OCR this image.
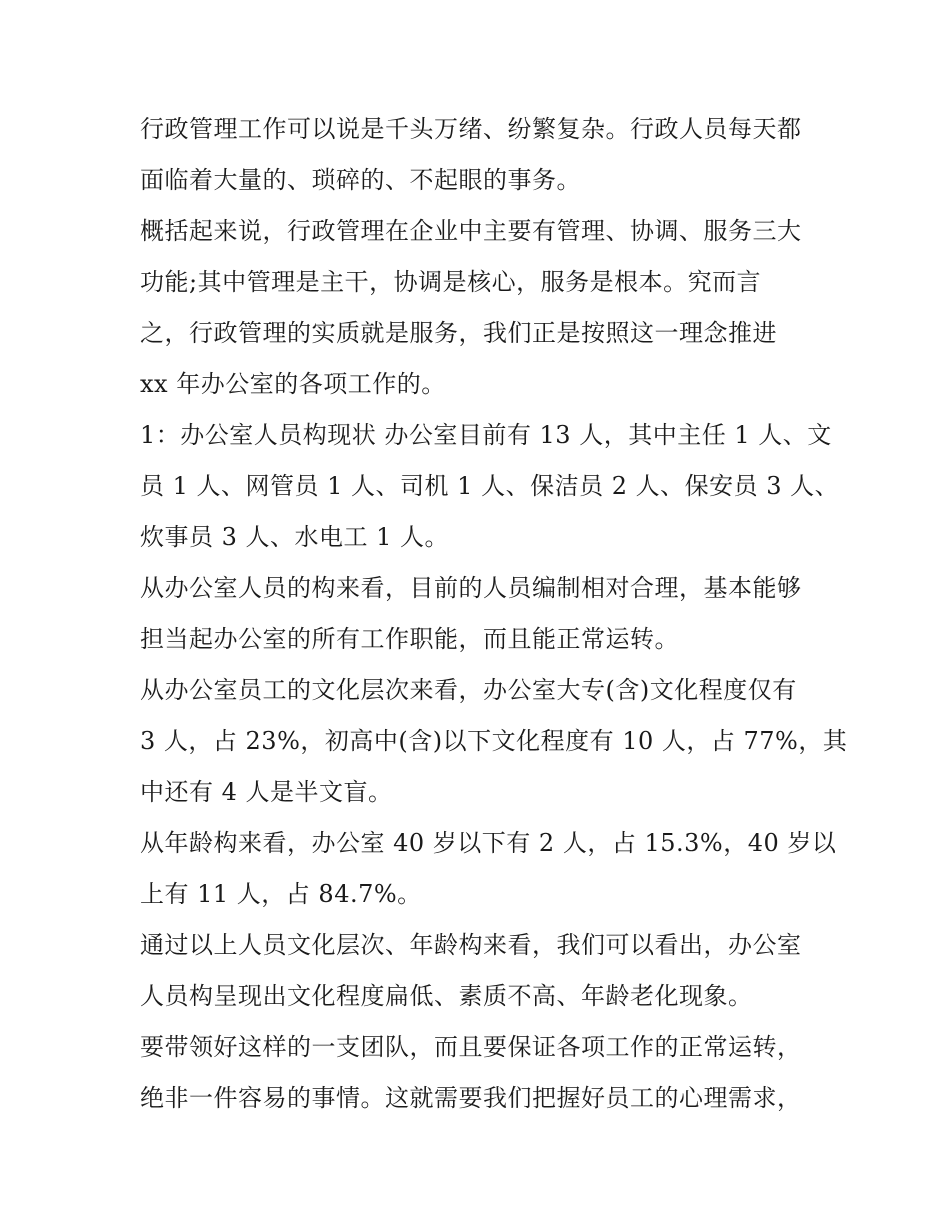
行政管理工作可以说是千头万绪、纷繁复杂。行政人员每天都
面临着大量的、琐碎的、不起眼的事务。
概括起来说，行政管理在企业中主要有管理、协调、服务三大
功能;其中管理是主干，协调是核心，服务是根本。究而言
之，行政管理的实质就是服务，我们正是按照这一理念推进
xx 年办公室的各项工作的。
1：办公室人员构现状 办公室目前有 13 人，其中主任 1 人、文
员 1 人、网管员 1 人、司机 1 人、保洁员 2 人、保安员 3 人、
炊事员 3 人、水电工 1 人。
从办公室人员的构来看，目前的人员编制相对合理，基本能够
担当起办公室的所有工作职能，而且能正常运转。
从办公室员工的文化层次来看，办公室大专(含)文化程度仅有
3 人，占 23%，初高中(含)以下文化程度有 10 人，占 77%，其
中还有 4 人是半文盲。
从年龄构来看，办公室 40 岁以下有 2 人，占 15.3%，40 岁以
上有 11 人，占 84.7%。
通过以上人员文化层次、年龄构来看，我们可以看出，办公室
人员构呈现出文化程度扁低、素质不高、年龄老化现象。
要带领好这样的一支团队，而且要保证各项工作的正常运转，
绝非一件容易的事情。这就需要我们把握好员工的心理需求，
